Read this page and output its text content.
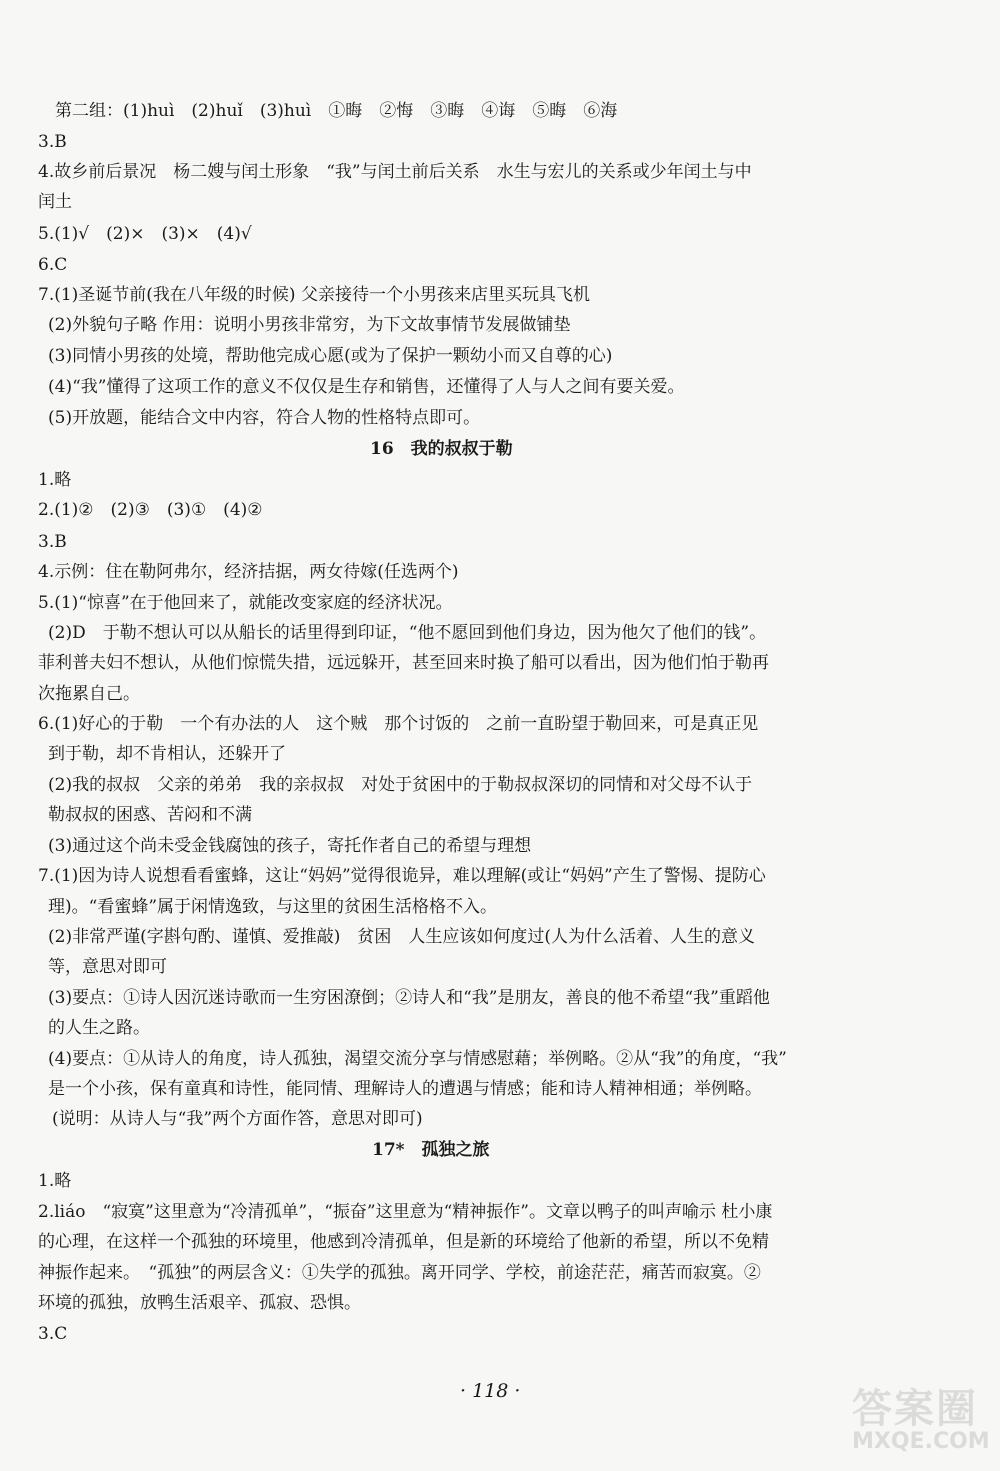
第二组：(1)huì　(2)huǐ　(3)huì　①晦　②悔　③晦　④诲　⑤晦　⑥海
3.B
4.故乡前后景况　杨二嫂与闰土形象　“我”与闰土前后关系　水生与宏儿的关系或少年闰土与中
闰土
5.(1)√　(2)×　(3)×　(4)√
6.C
7.(1)圣诞节前(我在八年级的时候) 父亲接待一个小男孩来店里买玩具飞机
(2)外貌句子略 作用：说明小男孩非常穷，为下文故事情节发展做铺垫
(3)同情小男孩的处境，帮助他完成心愿(或为了保护一颗幼小而又自尊的心)
(4)“我”懂得了这项工作的意义不仅仅是生存和销售，还懂得了人与人之间有要关爱。
(5)开放题，能结合文中内容，符合人物的性格特点即可。
16　我的叔叔于勒
1.略
2.(1)②　(2)③　(3)①　(4)②
3.B
4.示例：住在勒阿弗尔，经济拮据，两女待嫁(任选两个)
5.(1)“惊喜”在于他回来了，就能改变家庭的经济状况。
(2)D　于勒不想认可以从船长的话里得到印证，“他不愿回到他们身边，因为他欠了他们的钱”。
菲利普夫妇不想认，从他们惊慌失措，远远躲开，甚至回来时换了船可以看出，因为他们怕于勒再
次拖累自己。
6.(1)好心的于勒　一个有办法的人　这个贼　那个讨饭的　之前一直盼望于勒回来，可是真正见
到于勒，却不肯相认，还躲开了
(2)我的叔叔　父亲的弟弟　我的亲叔叔　对处于贫困中的于勒叔叔深切的同情和对父母不认于
勒叔叔的困惑、苦闷和不满
(3)通过这个尚未受金钱腐蚀的孩子，寄托作者自己的希望与理想
7.(1)因为诗人说想看看蜜蜂，这让“妈妈”觉得很诡异，难以理解(或让“妈妈”产生了警惕、提防心
理)。“看蜜蜂”属于闲情逸致，与这里的贫困生活格格不入。
(2)非常严谨(字斟句酌、谨慎、爱推敲)　贫困　人生应该如何度过(人为什么活着、人生的意义
等，意思对即可
(3)要点：①诗人因沉迷诗歌而一生穷困潦倒；②诗人和“我”是朋友，善良的他不希望“我”重蹈他
的人生之路。
(4)要点：①从诗人的角度，诗人孤独，渴望交流分享与情感慰藉；举例略。②从“我”的角度，“我”
是一个小孩，保有童真和诗性，能同情、理解诗人的遭遇与情感；能和诗人精神相通；举例略。
(说明：从诗人与“我”两个方面作答，意思对即可)
17*　孤独之旅
1.略
2.liáo　“寂寞”这里意为“冷清孤单”，“振奋”这里意为“精神振作”。文章以鸭子的叫声喻示 杜小康
的心理，在这样一个孤独的环境里，他感到冷清孤单，但是新的环境给了他新的希望，所以不免精
神振作起来。　“孤独”的两层含义：①失学的孤独。离开同学、学校，前途茫茫，痛苦而寂寞。②
环境的孤独，放鸭生活艰辛、孤寂、恐惧。
3.C
· 118 ·	答案圈
MXQE.COM
